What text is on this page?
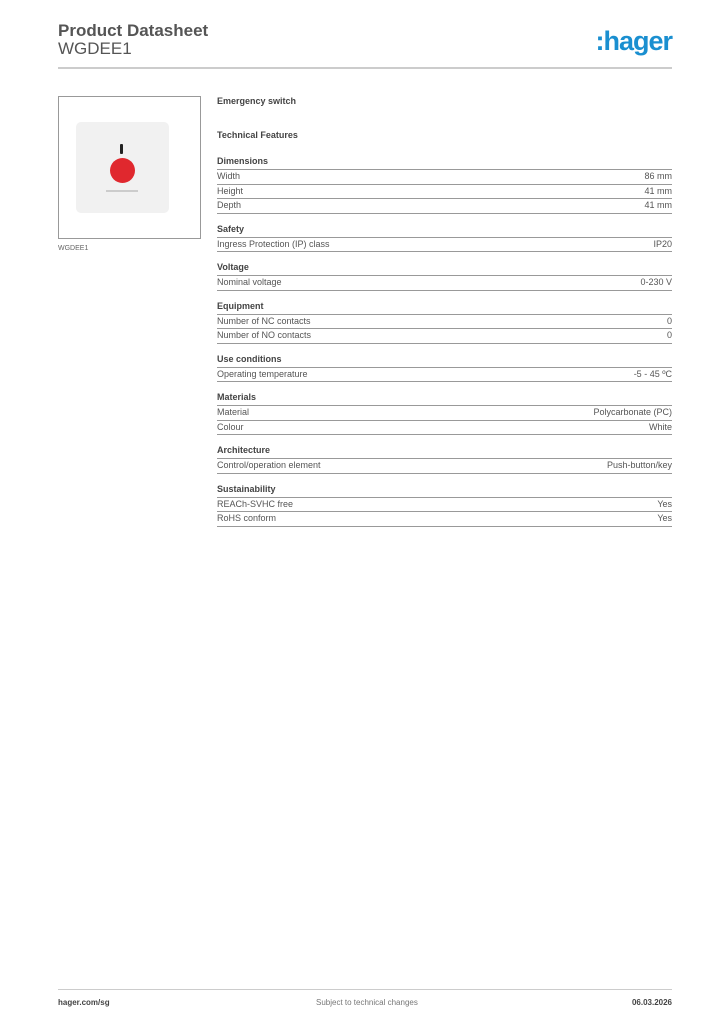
Product Datasheet
WGDEE1	:hager
WGDEE1
Emergency switch
Technical Features
Dimensions
Width	86 mm
Height	41 mm
Depth	41 mm
Safety
Ingress Protection (IP) class	IP20
Voltage
Nominal voltage	0-230 V
Equipment
Number of NC contacts	0
Number of NO contacts	0
Use conditions
Operating temperature	-5 - 45 ºC
Materials
Material	Polycarbonate (PC)
Colour	White
Architecture
Control/operation element	Push-button/key
Sustainability
REACh-SVHC free	Yes
RoHS conform	Yes
hager.com/sg	Subject to technical changes	06.03.2026
